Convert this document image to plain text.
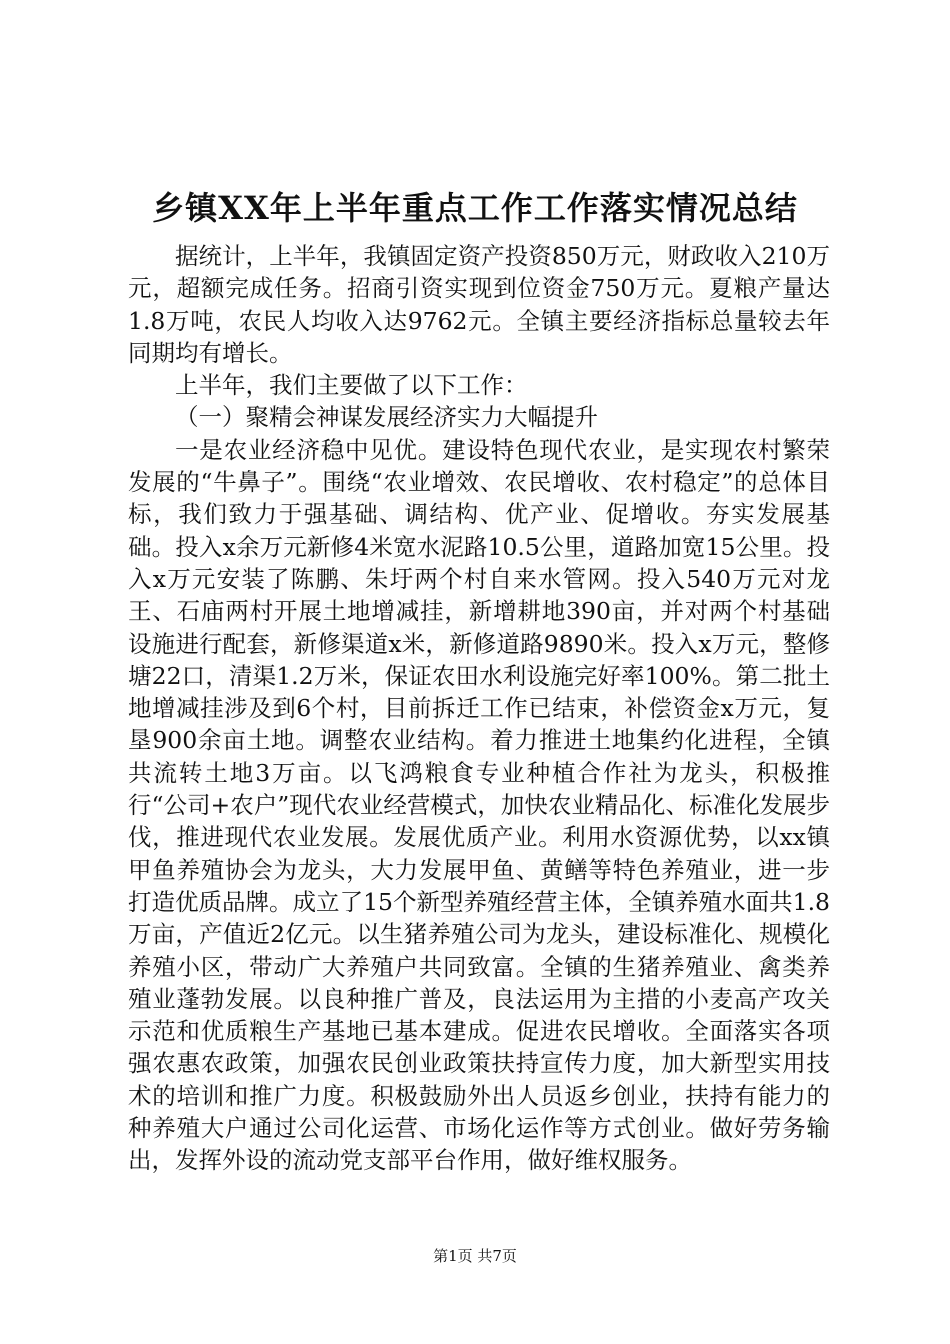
乡镇XX年上半年重点工作工作落实情况总结

据统计，上半年，我镇固定资产投资850万元，财政收入210万元，超额完成任务。招商引资实现到位资金750万元。夏粮产量达1.8万吨，农民人均收入达9762元。全镇主要经济指标总量较去年同期均有增长。

上半年，我们主要做了以下工作：

（一）聚精会神谋发展经济实力大幅提升

一是农业经济稳中见优。建设特色现代农业，是实现农村繁荣发展的“牛鼻子”。围绕“农业增效、农民增收、农村稳定”的总体目标，我们致力于强基础、调结构、优产业、促增收。夯实发展基础。投入x余万元新修4米宽水泥路10.5公里，道路加宽15公里。投入x万元安装了陈鹏、朱圩两个村自来水管网。投入540万元对龙王、石庙两村开展土地增减挂，新增耕地390亩，并对两个村基础设施进行配套，新修渠道x米，新修道路9890米。投入x万元，整修塘22口，清渠1.2万米，保证农田水利设施完好率100%。第二批土地增减挂涉及到6个村，目前拆迁工作已结束，补偿资金x万元，复垦900余亩土地。调整农业结构。着力推进土地集约化进程，全镇共流转土地3万亩。以飞鸿粮食专业种植合作社为龙头，积极推行“公司+农户”现代农业经营模式，加快农业精品化、标准化发展步伐，推进现代农业发展。发展优质产业。利用水资源优势，以xx镇甲鱼养殖协会为龙头，大力发展甲鱼、黄鳝等特色养殖业，进一步打造优质品牌。成立了15个新型养殖经营主体，全镇养殖水面共1.8万亩，产值近2亿元。以生猪养殖公司为龙头，建设标准化、规模化养殖小区，带动广大养殖户共同致富。全镇的生猪养殖业、禽类养殖业蓬勃发展。以良种推广普及，良法运用为主措的小麦高产攻关示范和优质粮生产基地已基本建成。促进农民增收。全面落实各项强农惠农政策，加强农民创业政策扶持宣传力度，加大新型实用技术的培训和推广力度。积极鼓励外出人员返乡创业，扶持有能力的种养殖大户通过公司化运营、市场化运作等方式创业。做好劳务输出，发挥外设的流动党支部平台作用，做好维权服务。

第1页 共7页
